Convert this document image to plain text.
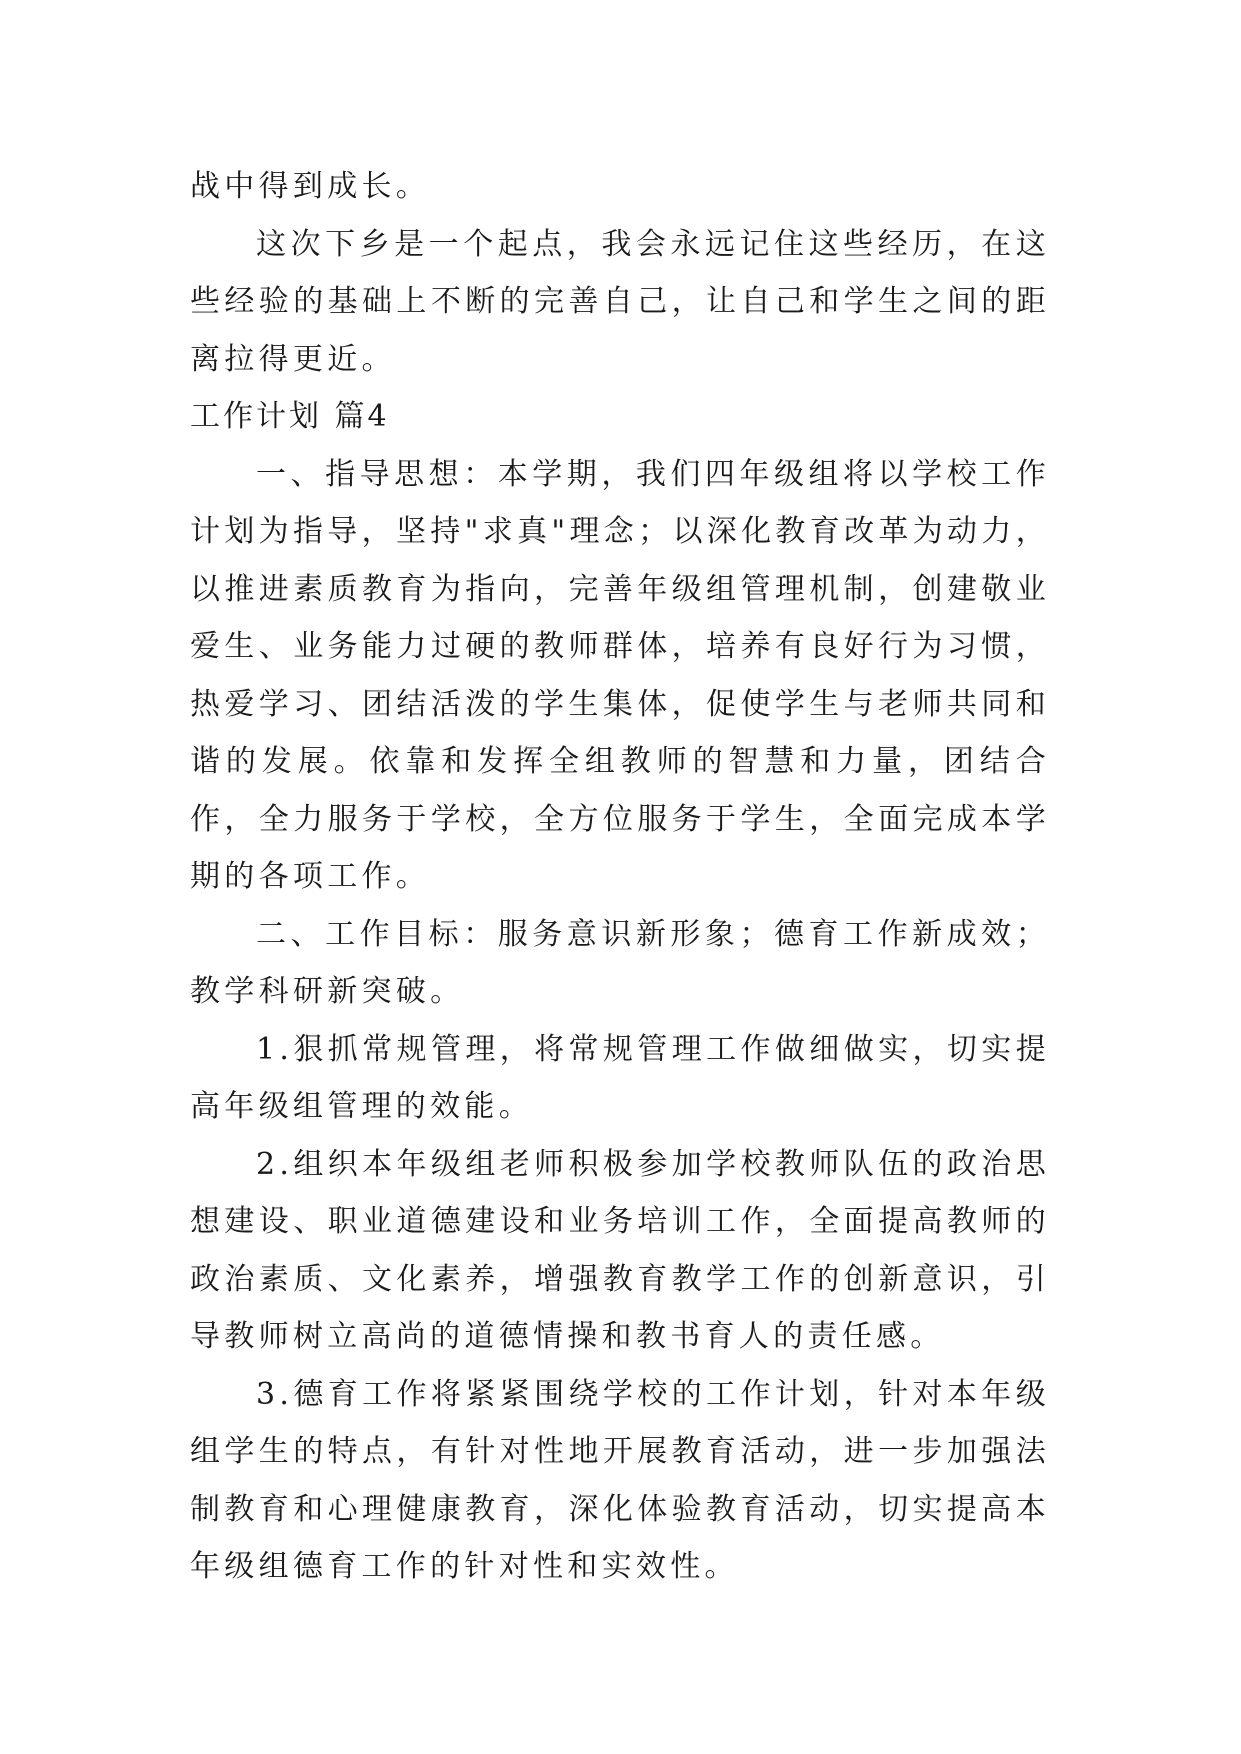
战中得到成长。

这次下乡是一个起点，我会永远记住这些经历，在这些经验的基础上不断的完善自己，让自己和学生之间的距离拉得更近。

工作计划 篇4

一、指导思想：本学期，我们四年级组将以学校工作计划为指导，坚持"求真"理念；以深化教育改革为动力，以推进素质教育为指向，完善年级组管理机制，创建敬业爱生、业务能力过硬的教师群体，培养有良好行为习惯，热爱学习、团结活泼的学生集体，促使学生与老师共同和谐的发展。依靠和发挥全组教师的智慧和力量，团结合作，全力服务于学校，全方位服务于学生，全面完成本学期的各项工作。

二、工作目标：服务意识新形象；德育工作新成效；教学科研新突破。

1.狠抓常规管理，将常规管理工作做细做实，切实提高年级组管理的效能。

2.组织本年级组老师积极参加学校教师队伍的政治思想建设、职业道德建设和业务培训工作，全面提高教师的政治素质、文化素养，增强教育教学工作的创新意识，引导教师树立高尚的道德情操和教书育人的责任感。

3.德育工作将紧紧围绕学校的工作计划，针对本年级组学生的特点，有针对性地开展教育活动，进一步加强法制教育和心理健康教育，深化体验教育活动，切实提高本年级组德育工作的针对性和实效性。
